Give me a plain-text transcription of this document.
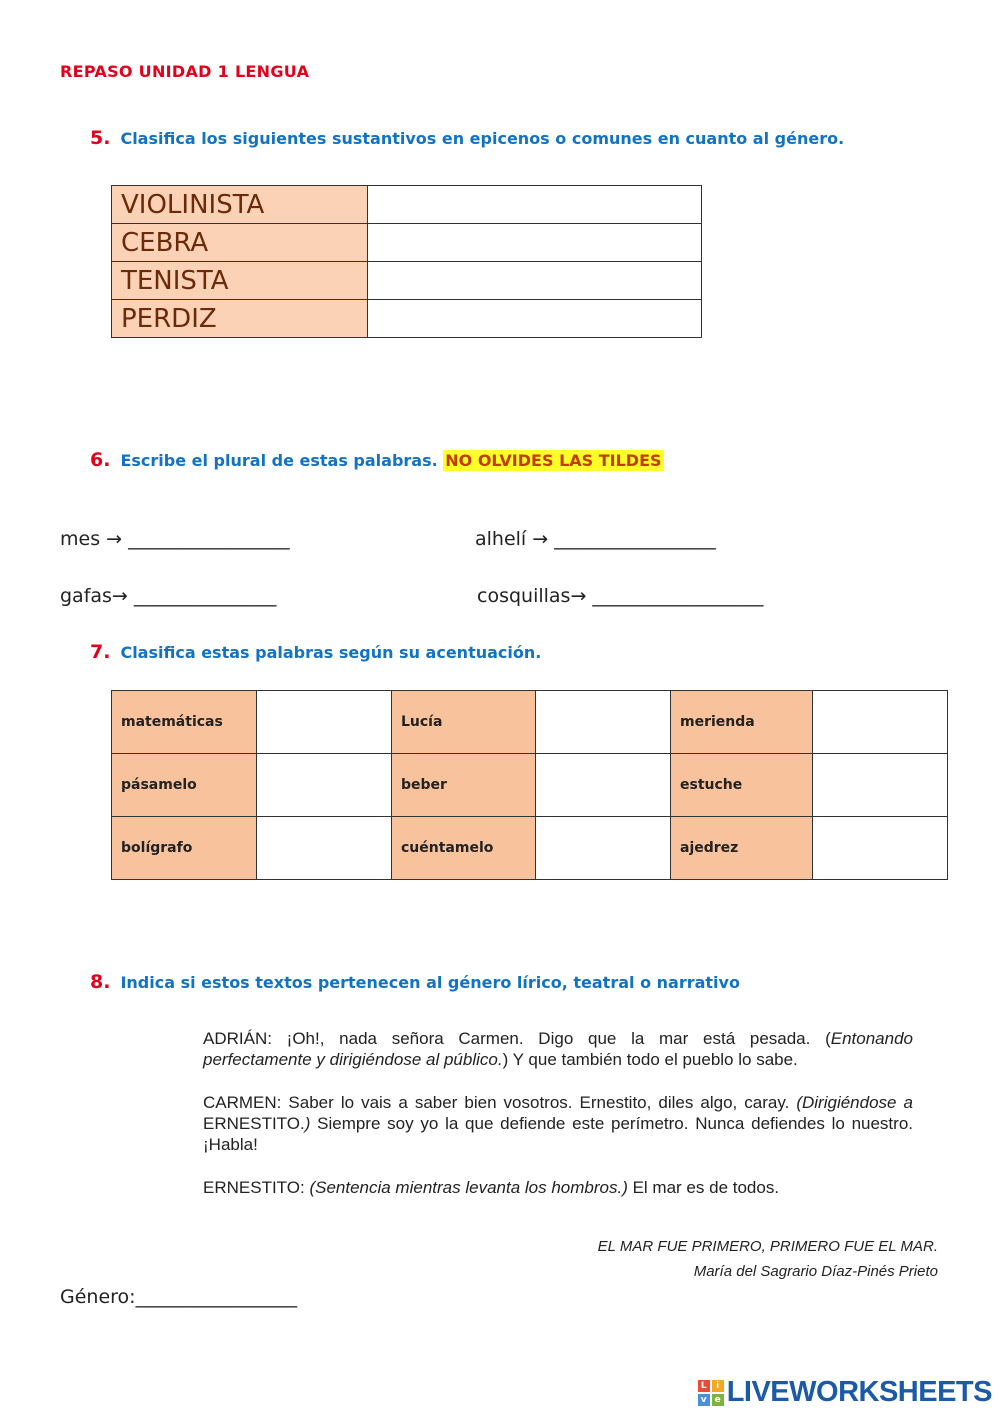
REPASO UNIDAD 1 LENGUA
5. Clasifica los siguientes sustantivos en epicenos o comunes en cuanto al género.
VIOLINISTA	
CEBRA	
TENISTA	
PERDIZ	
6. Escribe el plural de estas palabras. NO OLVIDES LAS TILDES
mes → _________________	alhelí → _________________
gafas→ _______________	cosquillas→ __________________
7. Clasifica estas palabras según su acentuación.
matemáticas		Lucía		merienda	
pásamelo		beber		estuche	
bolígrafo		cuéntamelo		ajedrez	
8. Indica si estos textos pertenecen al género lírico, teatral o narrativo

ADRIÁN: ¡Oh!, nada señora Carmen. Digo que la mar está pesada. (Entonando perfectamente y dirigiéndose al público.) Y que también todo el pueblo lo sabe.

CARMEN: Saber lo vais a saber bien vosotros. Ernestito, diles algo, caray. (Dirigiéndose a ERNESTITO.) Siempre soy yo la que defiende este perímetro. Nunca defiendes lo nuestro. ¡Habla!

ERNESTITO: (Sentencia mientras levanta los hombros.) El mar es de todos.

EL MAR FUE PRIMERO, PRIMERO FUE EL MAR.
María del Sagrario Díaz-Pinés Prieto
Género:_________________
L	i
v e LIVEWORKSHEETS
